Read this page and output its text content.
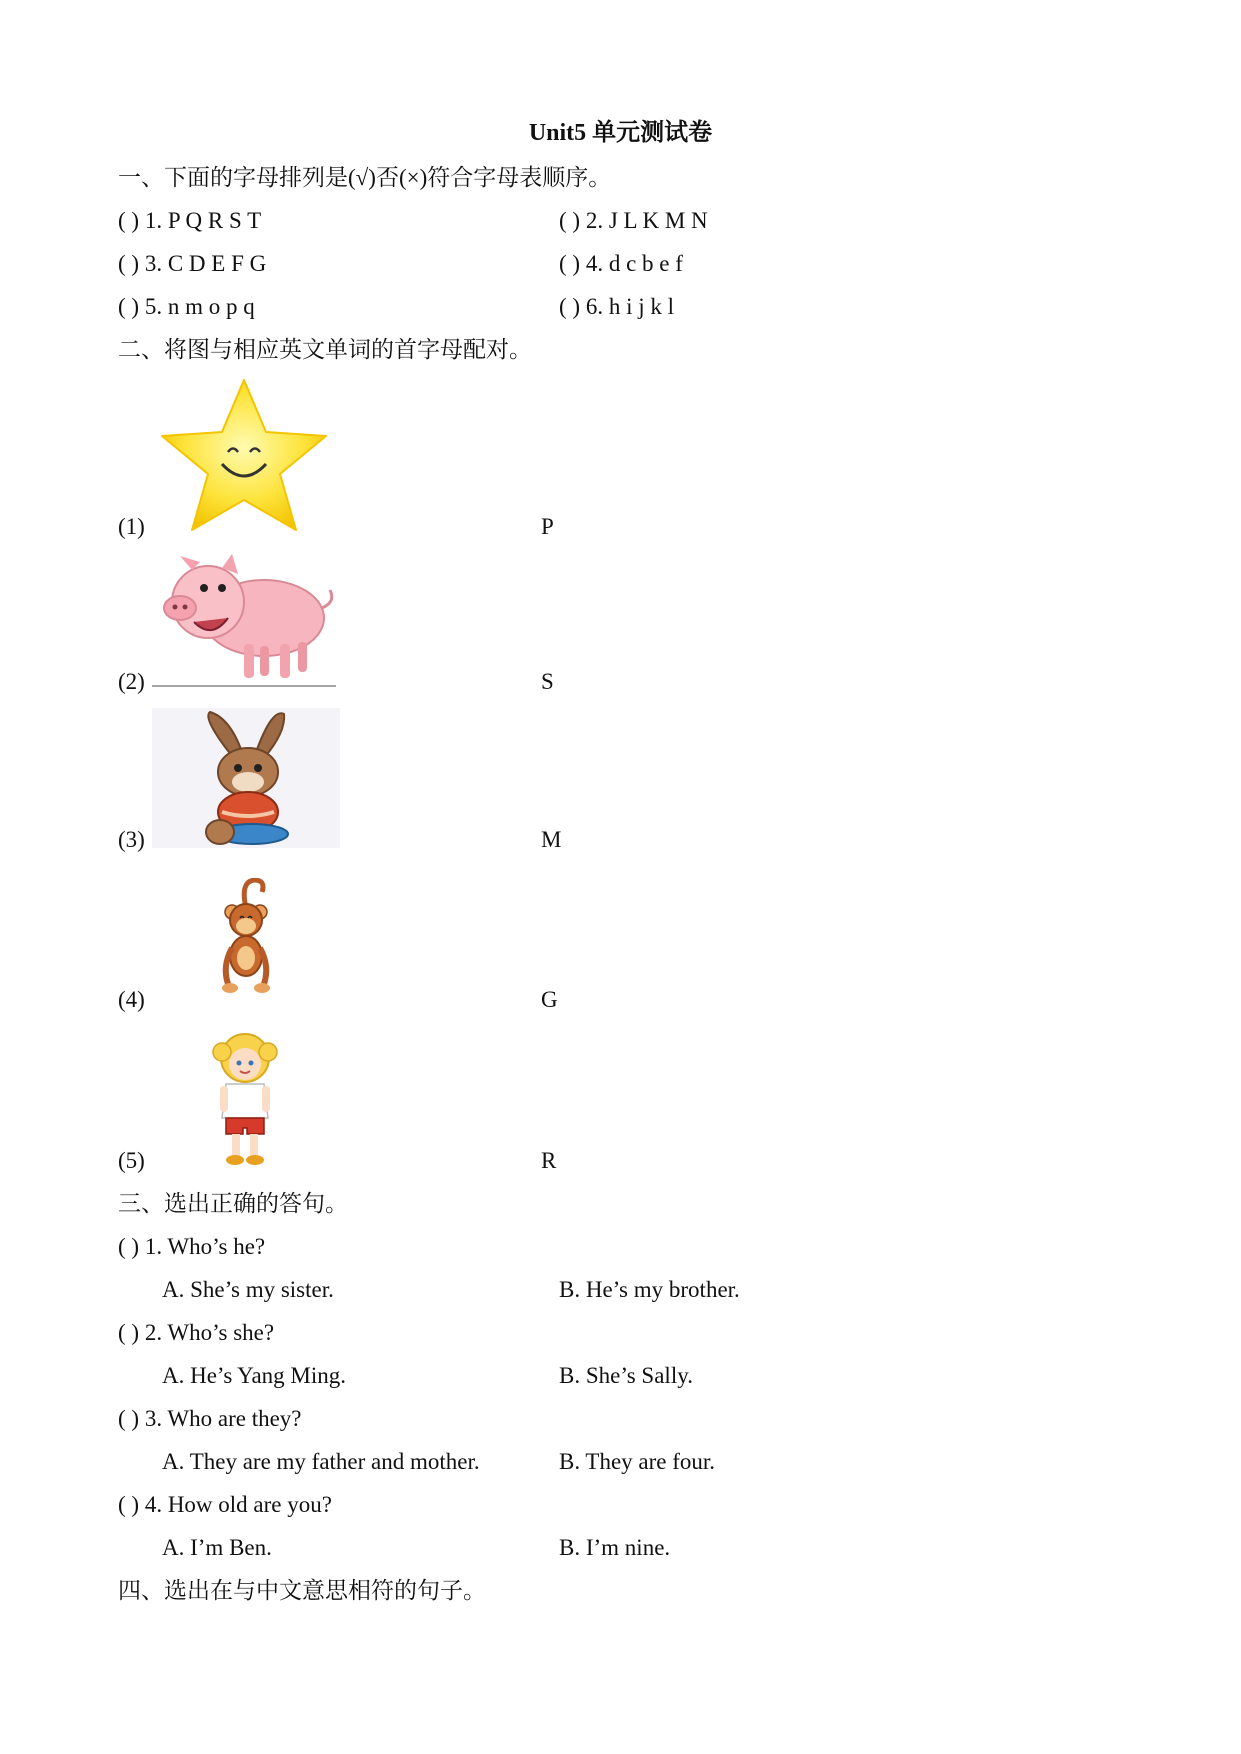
Unit5 单元测试卷
一、下面的字母排列是(√)否(×)符合字母表顺序。
( ) 1. P Q R S T	( ) 2. J L K M N
( ) 3. C D E F G	( ) 4. d c b e f
( ) 5. n m o p q	( ) 6. h i j k l
二、将图与相应英文单词的首字母配对。
(1)	P
(2)	S
(3)	M
(4)	G
(5)	R
三、选出正确的答句。
( ) 1. Who’s he?
A. She’s my sister.	B. He’s my brother.
( ) 2. Who’s she?
A. He’s Yang Ming.	B. She’s Sally.
( ) 3. Who are they?
A. They are my father and mother.	B. They are four.
( ) 4. How old are you?
A. I’m Ben.	B. I’m nine.
四、选出在与中文意思相符的句子。
